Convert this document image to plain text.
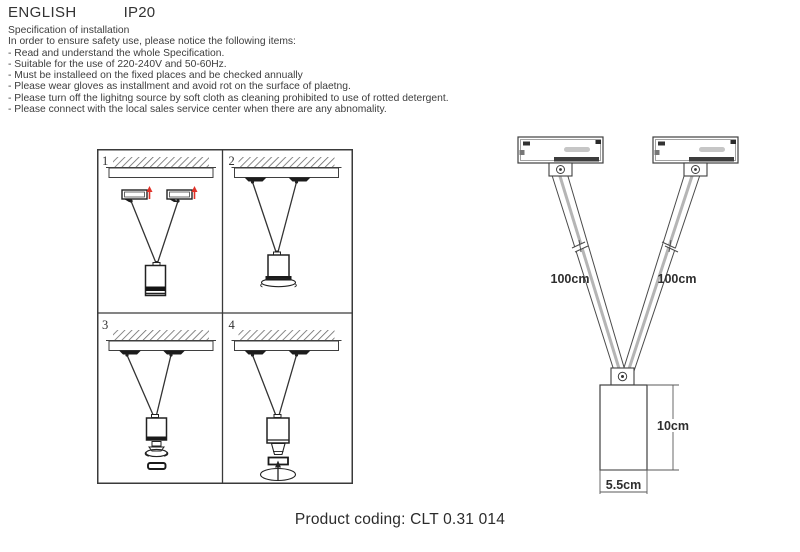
ENGLISH	IP20
Specification of installation
In order to ensure safety use, please notice the following items:
- Read and understand the whole Specification.
- Suitable for the use of 220-240V and 50-60Hz.
- Must be installeed on the fixed places and be checked annually
- Please wear gloves as installment and avoid rot on the surface of plaetng.
- Please turn off the lighitng source by soft cloth as cleaning prohibited to use of rotted detergent.
- Please connect with the local sales service center when there are any abnomality.
1	2
3	4
100cm	100cm
10cm
5.5cm
Product coding: CLT 0.31 014
